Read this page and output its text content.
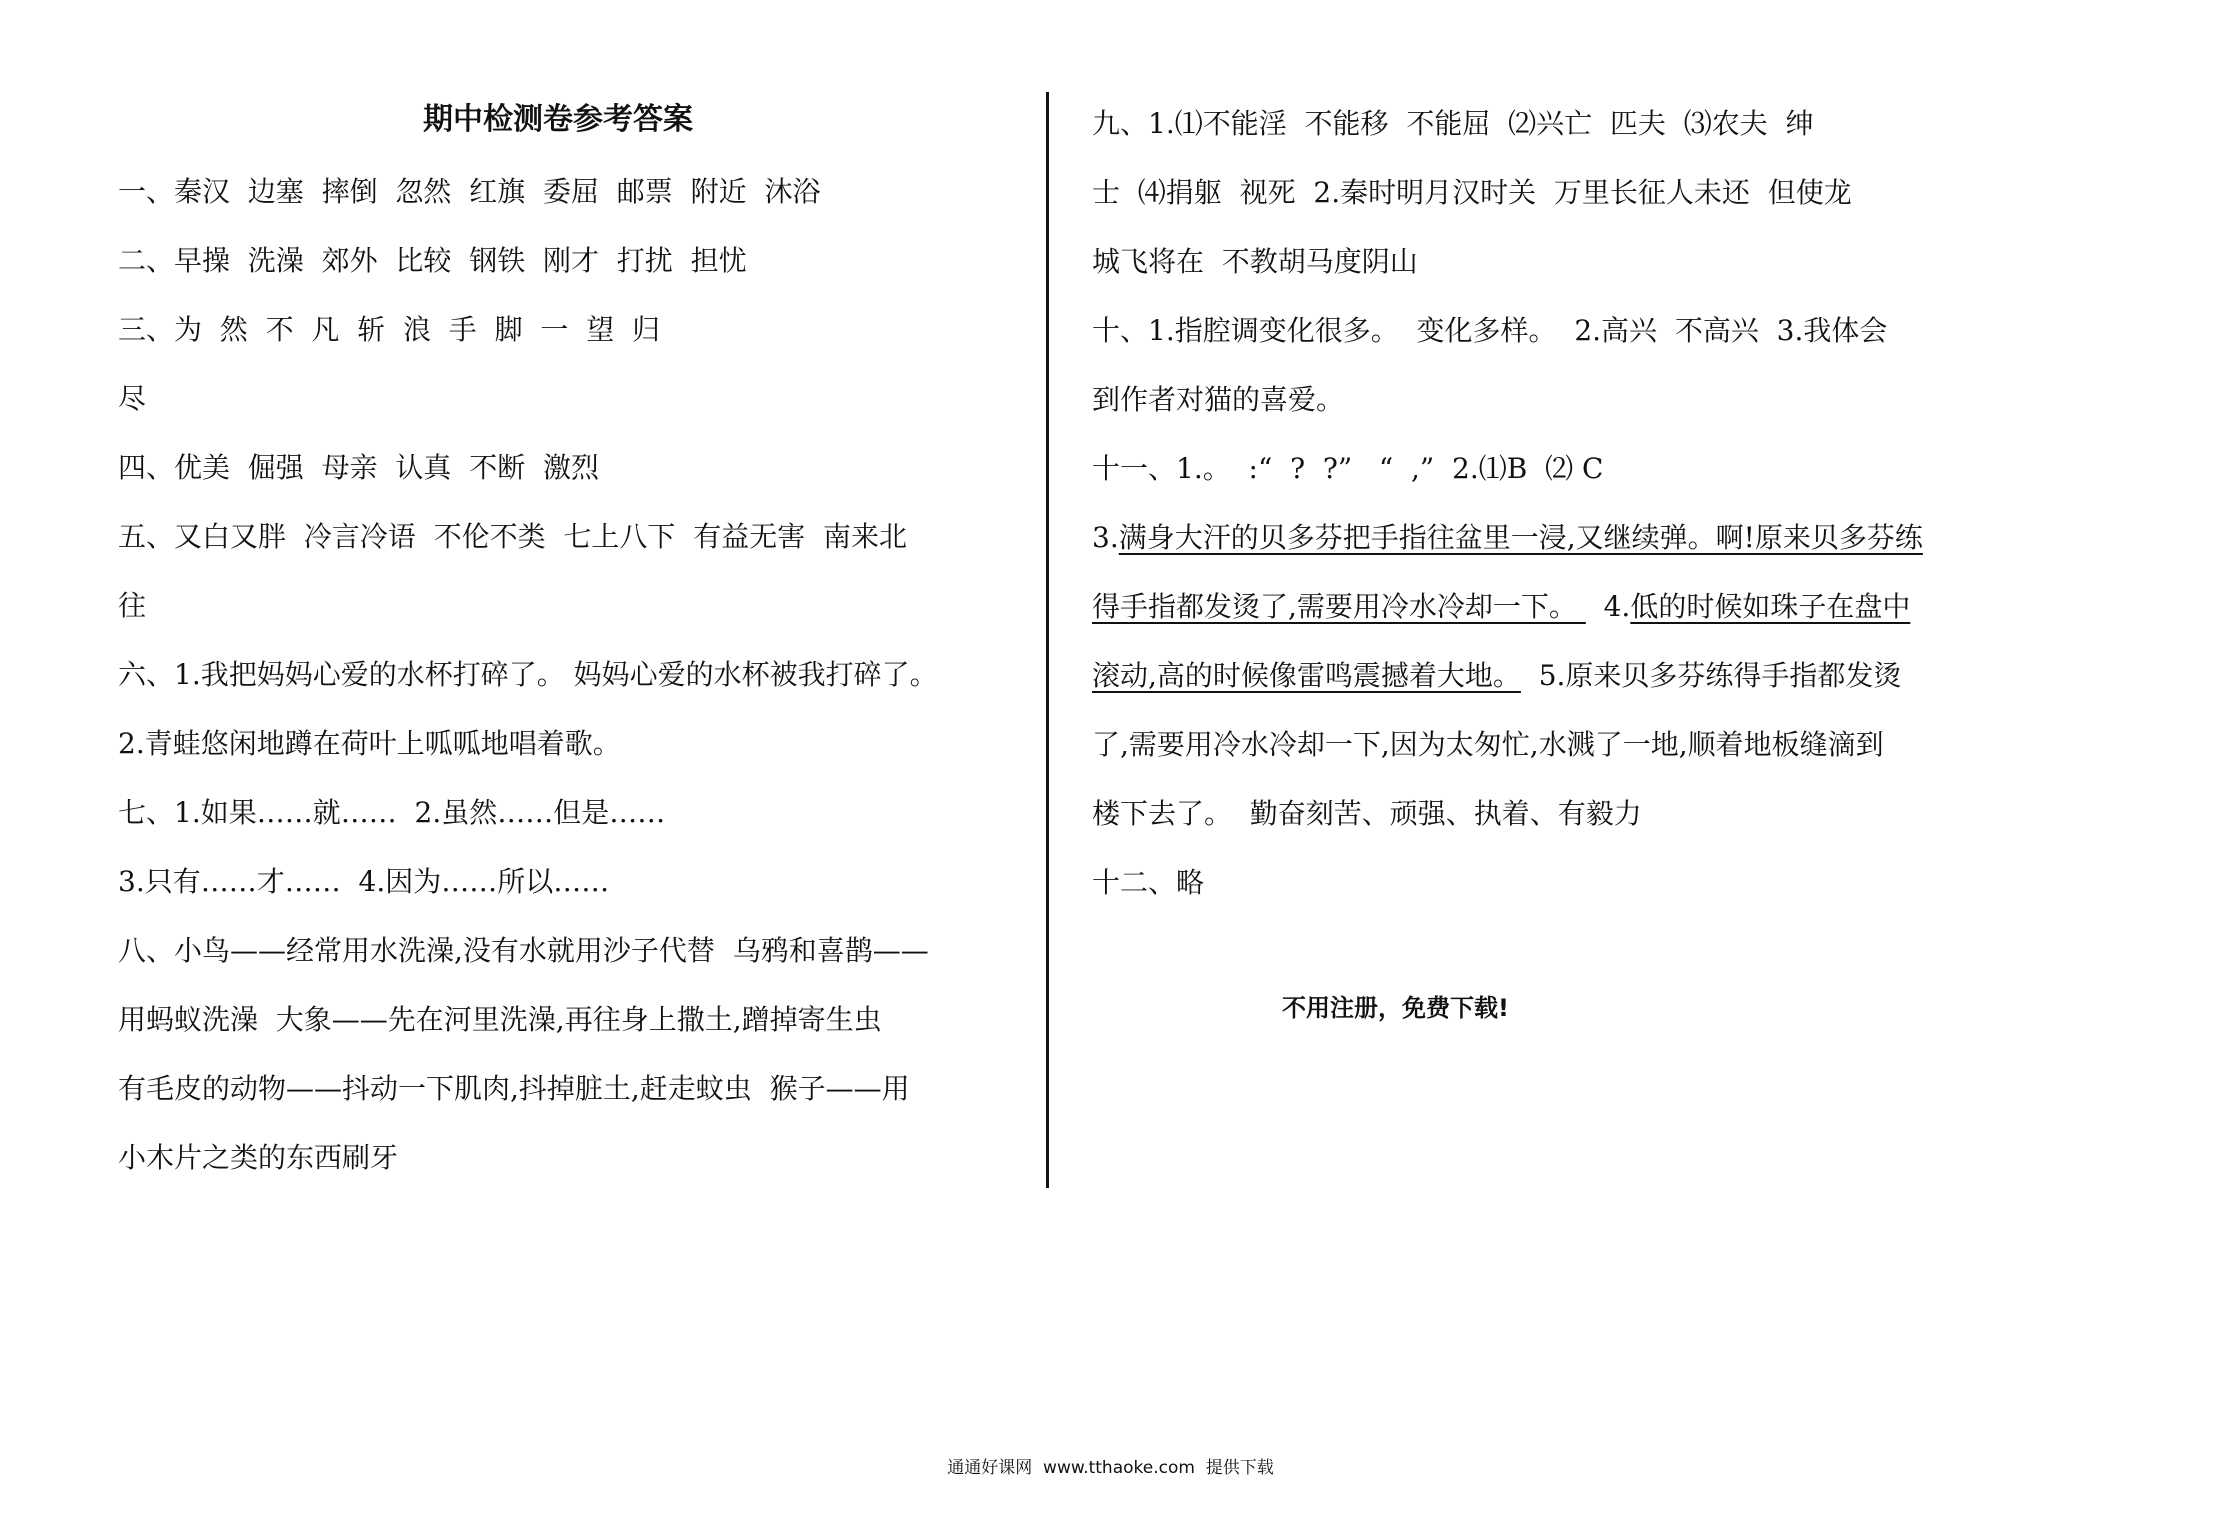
期中检测卷参考答案
一、秦汉  边塞  摔倒  忽然  红旗  委屈  邮票  附近  沐浴
二、早操  洗澡  郊外  比较  钢铁  刚才  打扰  担忧
三、为  然  不  凡  斩  浪  手  脚  一  望  归
尽
四、优美  倔强  母亲  认真  不断  激烈
五、又白又胖  冷言冷语  不伦不类  七上八下  有益无害  南来北
往
六、1.我把妈妈心爱的水杯打碎了。 妈妈心爱的水杯被我打碎了。
2.青蛙悠闲地蹲在荷叶上呱呱地唱着歌。
七、1.如果……就……  2.虽然……但是……
3.只有……才……  4.因为……所以……
八、小鸟——经常用水洗澡,没有水就用沙子代替  乌鸦和喜鹊——
用蚂蚁洗澡  大象——先在河里洗澡,再往身上撒土,蹭掉寄生虫
有毛皮的动物——抖动一下肌肉,抖掉脏土,赶走蚊虫  猴子——用
小木片之类的东西刷牙
九、1.⑴不能淫  不能移  不能屈  ⑵兴亡  匹夫  ⑶农夫  绅
士  ⑷捐躯  视死  2.秦时明月汉时关  万里长征人未还  但使龙
城飞将在  不教胡马度阴山
十、1.指腔调变化很多。  变化多样。  2.高兴  不高兴  3.我体会
到作者对猫的喜爱。
十一、1.。  :“  ?  ?”   “  ,”  2.⑴B  ⑵ C
3.满身大汗的贝多芬把手指往盆里一浸,又继续弹。啊!原来贝多芬练
得手指都发烫了,需要用冷水冷却一下。   4.低的时候如珠子在盘中
滚动,高的时候像雷鸣震撼着大地。  5.原来贝多芬练得手指都发烫
了,需要用冷水冷却一下,因为太匆忙,水溅了一地,顺着地板缝滴到
楼下去了。  勤奋刻苦、顽强、执着、有毅力
十二、略
不用注册，免费下载!
通通好课网  www.tthaoke.com  提供下载
